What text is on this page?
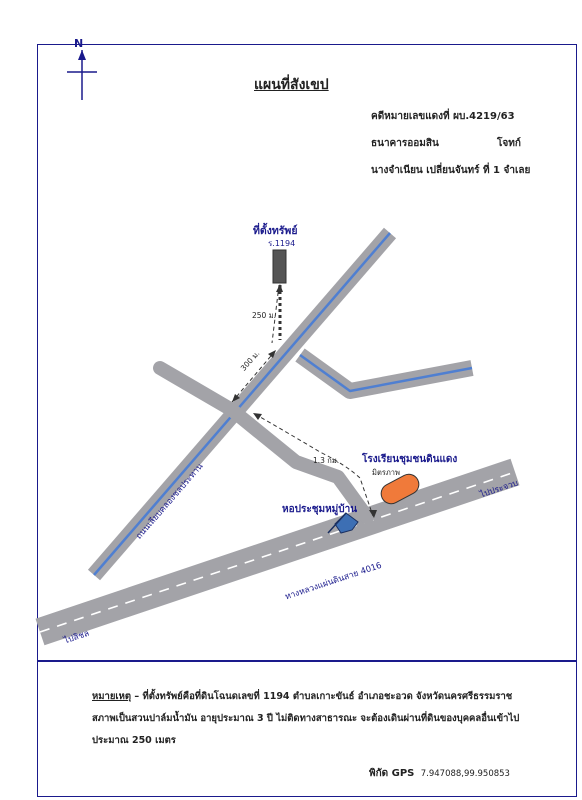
แผนที่สังเขป
คดีหมายเลขแดงที่ ผบ.4219/63
ธนาคารออมสิน	โจทก์
นางจำเนียน เปลี่ยนจันทร์ ที่ 1 จำเลย
N
ที่ตั้งทรัพย์
ร.1194
250 ม.
300 ม.
1.3 กม. โรงเรียนชุมชนดินแดง
มิตรภาพ
หอประชุมหมู่บ้าน
ถนนเลียบคลองชลประทาน
ทางหลวงแผ่นดินสาย 4016
ไปประจวบ
ไปสิชล
หมายเหตุ – ที่ตั้งทรัพย์คือที่ดินโฉนดเลขที่ 1194 ตำบลเกาะขันธ์ อำเภอชะอวด จังหวัดนครศรีธรรมราช
สภาพเป็นสวนปาล์มน้ำมัน อายุประมาณ 3 ปี ไม่ติดทางสาธารณะ จะต้องเดินผ่านที่ดินของบุคคลอื่นเข้าไป
ประมาณ 250 เมตร
พิกัด GPS 7.947088,99.950853
